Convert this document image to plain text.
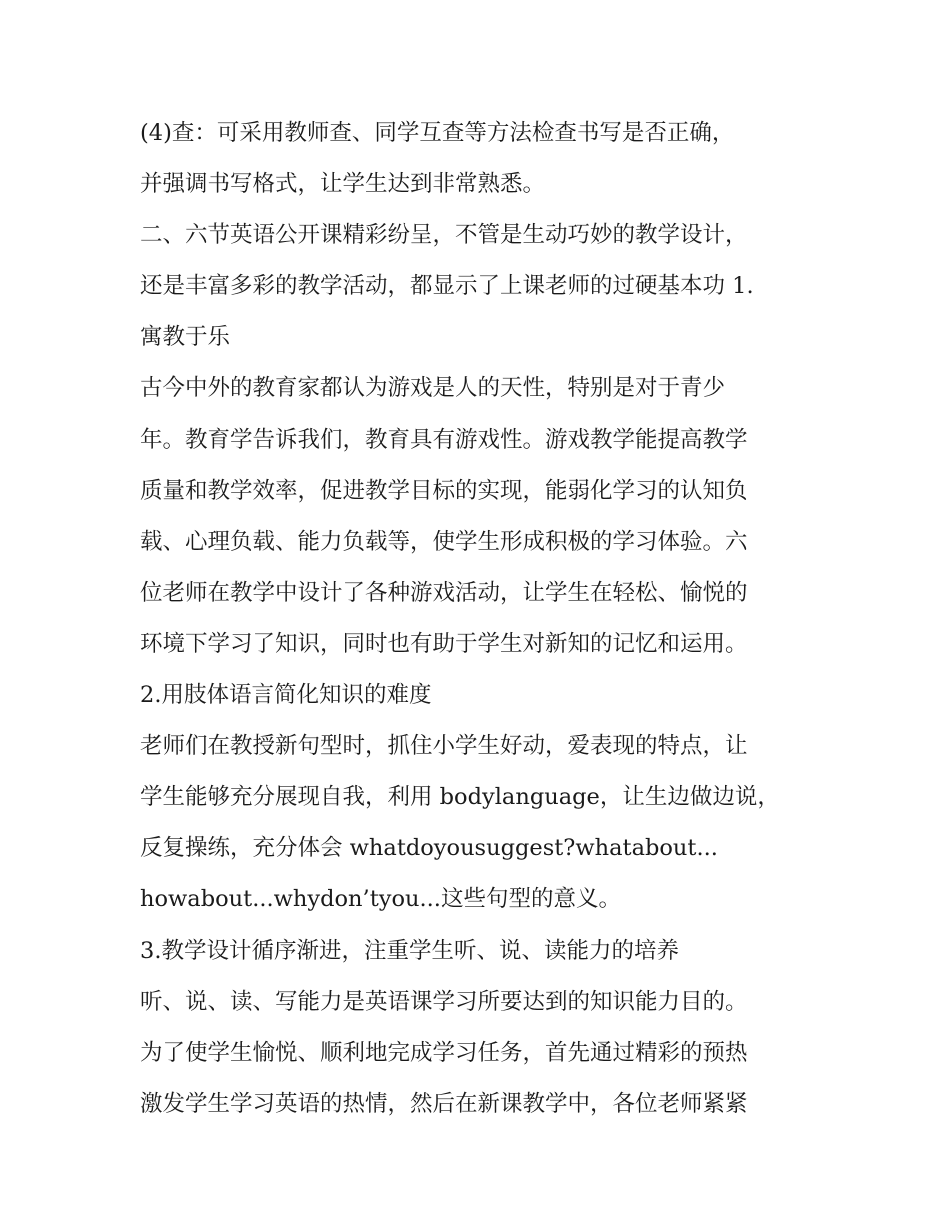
(4)查：可采用教师查、同学互查等方法检查书写是否正确，
并强调书写格式，让学生达到非常熟悉。
二、六节英语公开课精彩纷呈，不管是生动巧妙的教学设计，
还是丰富多彩的教学活动，都显示了上课老师的过硬基本功 1.
寓教于乐
古今中外的教育家都认为游戏是人的天性，特别是对于青少
年。教育学告诉我们，教育具有游戏性。游戏教学能提高教学
质量和教学效率，促进教学目标的实现，能弱化学习的认知负
载、心理负载、能力负载等，使学生形成积极的学习体验。六
位老师在教学中设计了各种游戏活动，让学生在轻松、愉悦的
环境下学习了知识，同时也有助于学生对新知的记忆和运用。
2.用肢体语言简化知识的难度
老师们在教授新句型时，抓住小学生好动，爱表现的特点，让
学生能够充分展现自我，利用 bodylanguage，让生边做边说，
反复操练，充分体会 whatdoyousuggest?whatabout...
howabout...whydon’tyou...这些句型的意义。
3.教学设计循序渐进，注重学生听、说、读能力的培养
听、说、读、写能力是英语课学习所要达到的知识能力目的。
为了使学生愉悦、顺利地完成学习任务，首先通过精彩的预热
激发学生学习英语的热情，然后在新课教学中，各位老师紧紧
